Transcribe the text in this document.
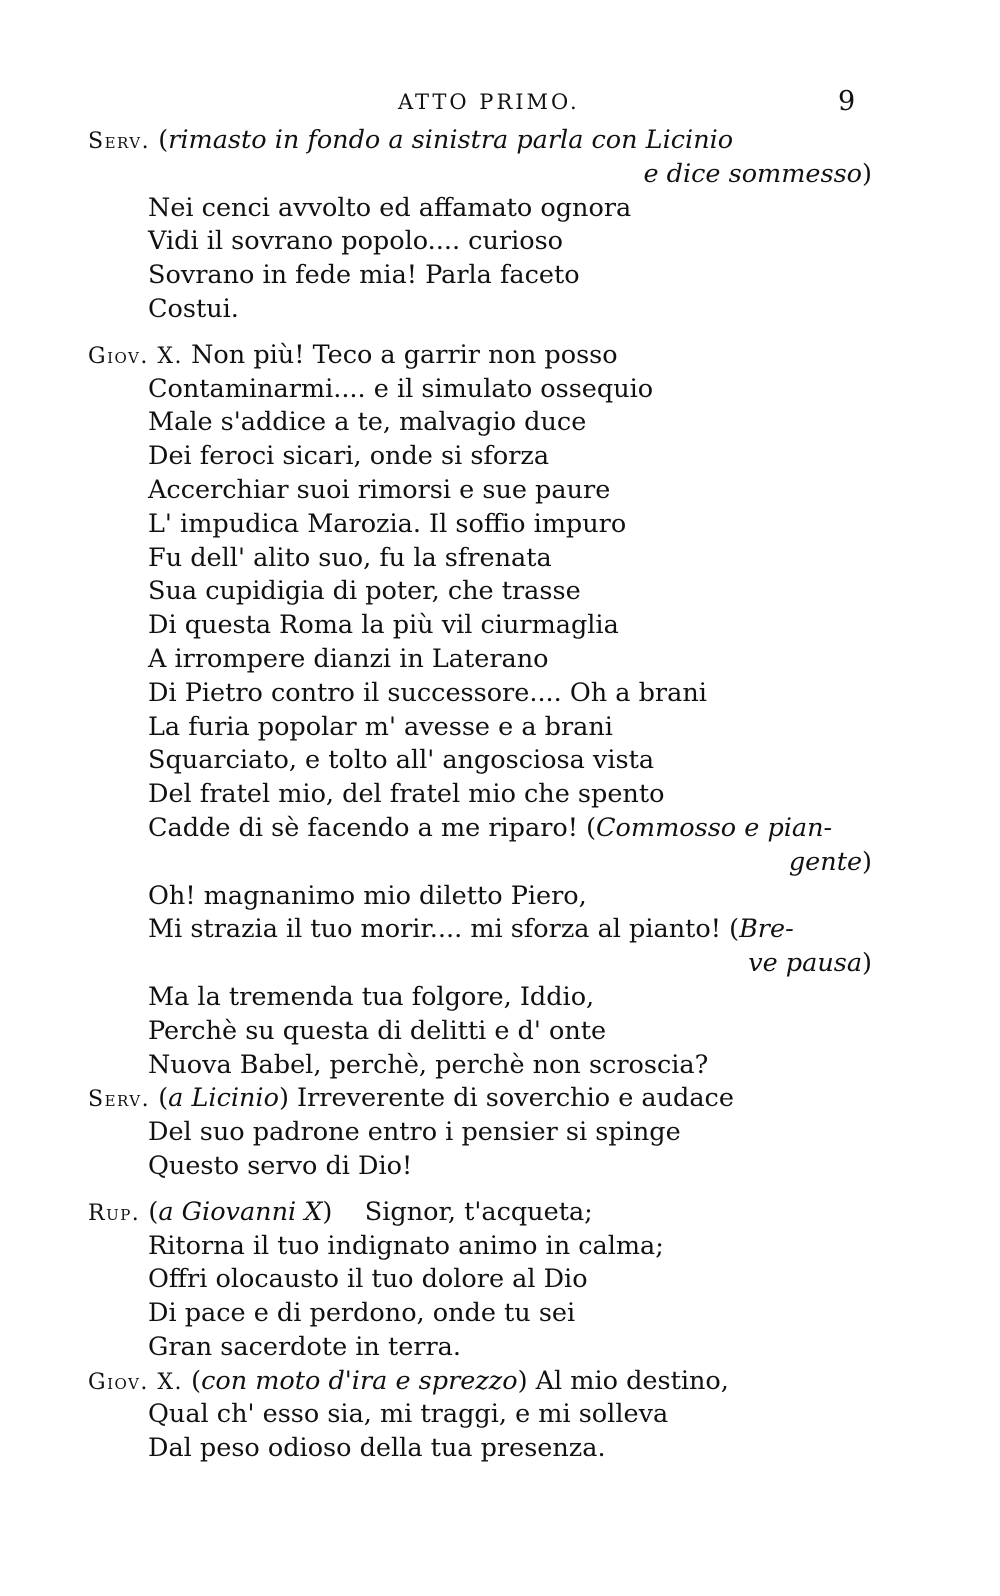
ATTO PRIMO.	9
Serv. (rimasto in fondo a sinistra parla con Licinio
e dice sommesso)
Nei cenci avvolto ed affamato ognora
Vidi il sovrano popolo.... curioso
Sovrano in fede mia! Parla faceto
Costui.
Giov. X. Non più! Teco a garrir non posso
Contaminarmi.... e il simulato ossequio
Male s'addice a te, malvagio duce
Dei feroci sicari, onde si sforza
Accerchiar suoi rimorsi e sue paure
L' impudica Marozia. Il soffio impuro
Fu dell' alito suo, fu la sfrenata
Sua cupidigia di poter, che trasse
Di questa Roma la più vil ciurmaglia
A irrompere dianzi in Laterano
Di Pietro contro il successore.... Oh a brani
La furia popolar m' avesse e a brani
Squarciato, e tolto all' angosciosa vista
Del fratel mio, del fratel mio che spento
Cadde di sè facendo a me riparo! (Commosso e pian-
gente)
Oh! magnanimo mio diletto Piero,
Mi strazia il tuo morir.... mi sforza al pianto! (Bre-
ve pausa)
Ma la tremenda tua folgore, Iddio,
Perchè su questa di delitti e d' onte
Nuova Babel, perchè, perchè non scroscia?
Serv. (a Licinio) Irreverente di soverchio e audace
Del suo padrone entro i pensier si spinge
Questo servo di Dio!
Rup. (a Giovanni X)    Signor, t'acqueta;
Ritorna il tuo indignato animo in calma;
Offri olocausto il tuo dolore al Dio
Di pace e di perdono, onde tu sei
Gran sacerdote in terra.
Giov. X. (con moto d'ira e sprezzo) Al mio destino,
Qual ch' esso sia, mi traggi, e mi solleva
Dal peso odioso della tua presenza.
